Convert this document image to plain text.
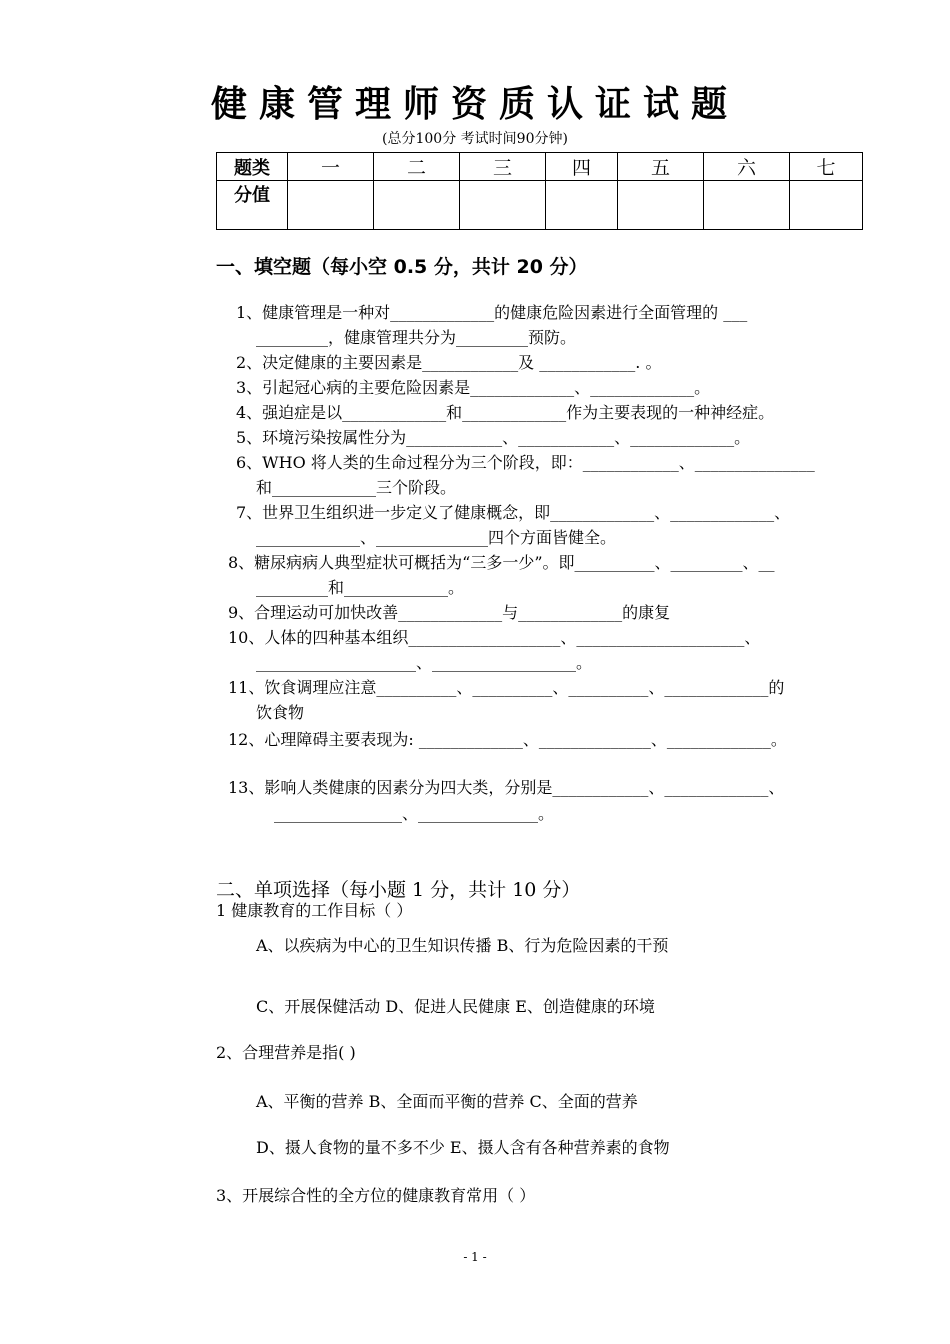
健康管理师资质认证试题
(总分100分 考试时间90分钟)
题类	一	二	三	四	五	六	七
分值							
一、填空题（每小空 0.5 分，共计 20 分）
1、健康管理是一种对_____________的健康危险因素进行全面管理的 ___
_________，健康管理共分为_________预防。
2、决定健康的主要因素是____________及 ____________. 。
3、引起冠心病的主要危险因素是_____________、_____________。
4、强迫症是以_____________和_____________作为主要表现的一种神经症。
5、环境污染按属性分为____________、____________、_____________。
6、WHO 将人类的生命过程分为三个阶段，即：____________、_______________
和_____________三个阶段。
7、世界卫生组织进一步定义了健康概念，即_____________、_____________、
_____________、______________四个方面皆健全。
8、糖尿病病人典型症状可概括为“三多一少”。即__________、_________、__
_________和_____________。
9、合理运动可加快改善_____________与_____________的康复
10、人体的四种基本组织___________________、_____________________、
____________________、__________________。
11、饮食调理应注意__________、__________、__________、_____________的
饮食物
12、心理障碍主要表现为: _____________、______________、_____________。
13、影响人类健康的因素分为四大类，分别是____________、_____________、
________________、_______________。
二、单项选择（每小题 1 分，共计 10 分）
1 健康教育的工作目标（ ）
A、以疾病为中心的卫生知识传播 B、行为危险因素的干预
C、开展保健活动 D、促进人民健康 E、创造健康的环境
2、合理营养是指( )
A、平衡的营养 B、全面而平衡的营养 C、全面的营养
D、摄人食物的量不多不少 E、摄人含有各种营养素的食物
3、开展综合性的全方位的健康教育常用（ ）
- 1 -
